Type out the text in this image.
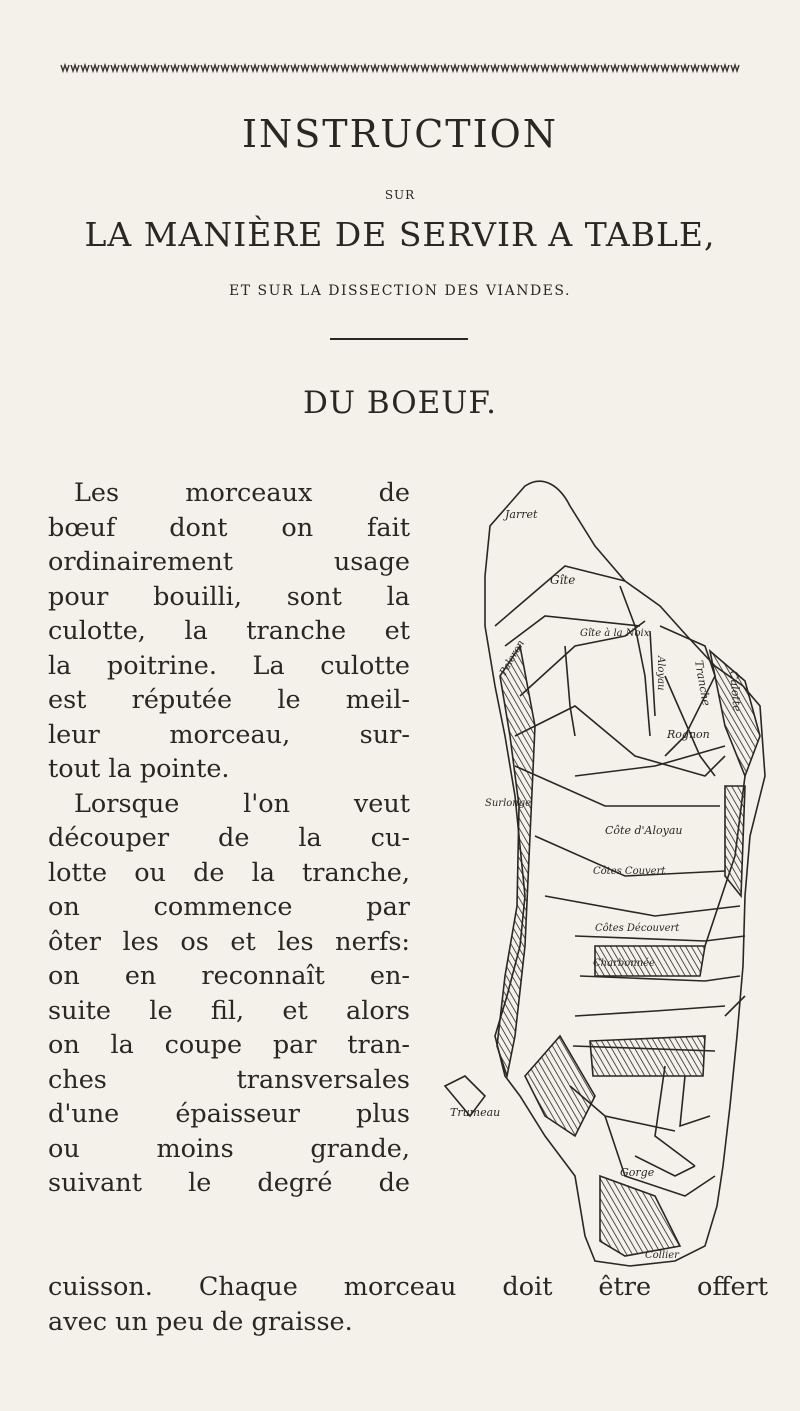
INSTRUCTION
SUR
LA MANIÈRE DE SERVIR A TABLE,
ET SUR LA DISSECTION DES VIANDES.
DU BOEUF.
Les morceaux de
bœuf dont on fait
ordinairement usage
pour bouilli, sont la
culotte, la tranche et
la poitrine. La culotte
est réputée le meil-
leur morceau, sur-
tout la pointe.
Lorsque l'on veut
découper de la cu-
lotte ou de la tranche,
on commence par
ôter les os et les nerfs:
on en reconnaît en-
suite le fil, et alors
on la coupe par tran-
ches transversales
d'une épaisseur plus
ou moins grande,
suivant le degré de
cuisson. Chaque morceau doit être offert
avec un peu de graisse.
Jarret
Gîte
Gîte à la Noix
Tranche Culotte
Aloyau
Rognon
Côte d'Aloyau
Côtes Couvert
Côtes Découvert
Charbonnée
Paleron
Trumeau
Surlonge
Gorge
Collier
